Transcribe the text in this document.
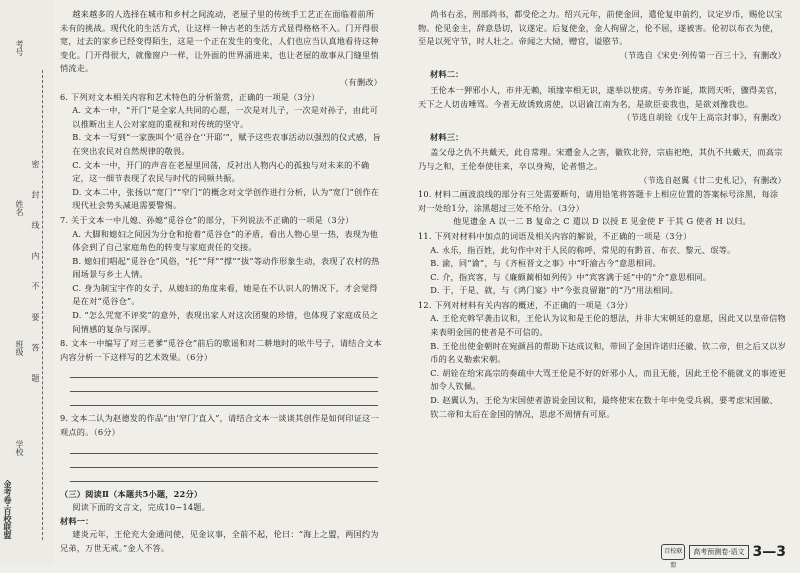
考号
姓名
班级
学校
密 封 线 内 不 要 答 题
金考卷·百校联盟

越来越多的人选择在城市和乡村之间流动，老屋子里的传统手工艺正在面临着前所未有的挑战。现代化的生活方式，让这样一种古老的生活方式显得格格不入。门开得很宽，过去的家乡已经变得陌生，这是一个正在发生的变化，人们也应当认真地看待这种变化。门开得很大，就像窗户一样，让外面的世界涌进来，也让老屋的故事从门缝里悄悄流走。

（有删改）

6. 下列对文本相关内容和艺术特色的分析鉴赏，正确的一项是（3分）

A. 文本一中，“开门”是全家人共同的心愿，一次是对儿子，一次是对孙子，由此可以推断出主人公对家庭的重视和对传统的坚守。

B. 文本一写到“一家族叫个‘觅谷仓’‘开耶’”，赋予这些农事活动以强烈的仪式感，旨在突出农民对自然规律的敬畏。

C. 文本一中，开门的声音在老屋里回荡，反衬出人物内心的孤独与对未来的不确定，这一细节表现了农民与时代的同频共振。

D. 文本二中，张扬以“宽门”“窄门”的概念对文学创作进行分析，认为“宽门”创作在现代社会势头减退需要警惕。

7. 关于文本一中儿媳、孙媳“觅谷仓”的部分，下列说法不正确的一项是（3分）

A. 大脚和媳妇之间因为分仓和抢着“觅谷仓”的矛盾，看出人物心里一热，表现为他体会到了自己家庭角色的转变与家庭责任的交接。

B. 媳妇们唱起“觅谷仓”风俗，“托”“拜”“撑”“拔”等动作形象生动，表现了农村的热闹场景与乡土人情。

C. 身为制宝宇作的女子，从媳妇的角度来看，她是在不认识人的情况下，才会觉得是在对“觅谷仓”。

D. “怎么咒宽不评奖”的意外，表现出家人对这次团聚的珍惜，也体现了家庭成员之间情感的复杂与深厚。

8. 文本一中编写了对三老爹“觅谷仓”前后的歌谣和对二耕地时的吆牛号子，请结合文本内容分析一下这样写的艺术效果。（6分）

9. 文本二认为赵德发的作品“由‘窄门’直入”，请结合文本一谈谈其创作是如何印证这一观点的。（6分）

（三）阅读Ⅱ（本题共5小题，22分）

阅读下面的文言文，完成10~14题。

材料一：

建炎元年，王伦充大金通问使，见金议事，全前不起，伦曰：“海上之盟，两国约为兄弟，万世无戒。”金人不答。

尚书右丞，刑部尚书，都受伦之力。绍兴元年，前使金回，遣伦复申前约，议定岁币，赐伦以宝物。伦见金主，辞意恳切，议遂定。后复使金，金人拘留之，伦不屈，遂被害。伦初以布衣为使，至是以死守节，时人壮之。帝闻之大恸，赠官，谥愍节。

（节选自《宋史·列传第一百三十》，有删改）

材料二：

王伦本一狎邪小人，市井无赖，顷缘宰相无识，遂举以使虏。专务诈诞，欺罔天听，骤得美官，天下之人切齿唾骂。今者无故诱致虏使，以诏谕江南为名，是欲臣妾我也，是欲刘豫我也。

（节选自胡铨《戊午上高宗封事》，有删改）

材料三：

盖父母之仇不共戴天，此自常理。宋遭金人之害，徽钦北狩，宗庙祀绝，其仇不共戴天，而高宗乃与之和，王伦奉使往来，卒以身殉，论者惜之。

（节选自赵翼《廿二史札记》，有删改）

10. 材料二画波浪线的部分有三处需要断句，请用铅笔将答题卡上相应位置的答案标号涂黑，每涂对一处给1分，涂黑超过三处不给分。（3分）

他见遗金 A 以一二 B 复命之 C 遣以 D 以授 E 见金使 F 于其 G 使者 H 以归。

11. 下列对材料中加点的词语及相关内容的解说，不正确的一项是（3分）

A. 永乐，指百姓，此句作中对于人民的称呼，常见的有黔首、布衣、黎元、氓等。

B. 渝，同“谕”，与《齐桓晋文之事》中“吁渝古今”意思相同。

C. 介，指宾客，与《廉颇蔺相如列传》中“宾客满于廷”中的“介”意思相同。

D. 于，于是、就，与《鸿门宴》中“今张良留谢”的“乃”用法相同。

12. 下列对材料有关内容的概述，不正确的一项是（3分）

A. 王伦充斡罕袭击议和，王伦认为议和是王伦的想法，并非大宋朝廷的意愿，因此又以皇帝信物来表明金国的使者是不可信的。

B. 王伦出使金朝时在宛颜昌的帮助下达成议和，带回了金国许诺归还徽、钦二帝，但之后又以岁币的名义勒索宋朝。

C. 胡铨在给宋高宗的奏疏中大骂王伦是不好的奸邪小人，而且无能，因此王伦不能就义的事迹更加令人钦佩。

D. 赵翼认为，王伦为宋国使者游说金国议和，最终使宋在数十年中免受兵祸，要考虑宋国徽、钦二帝和太后在金国的情况，思虑不周情有可原。

百校联盟
高考预测卷·语文 3—3
